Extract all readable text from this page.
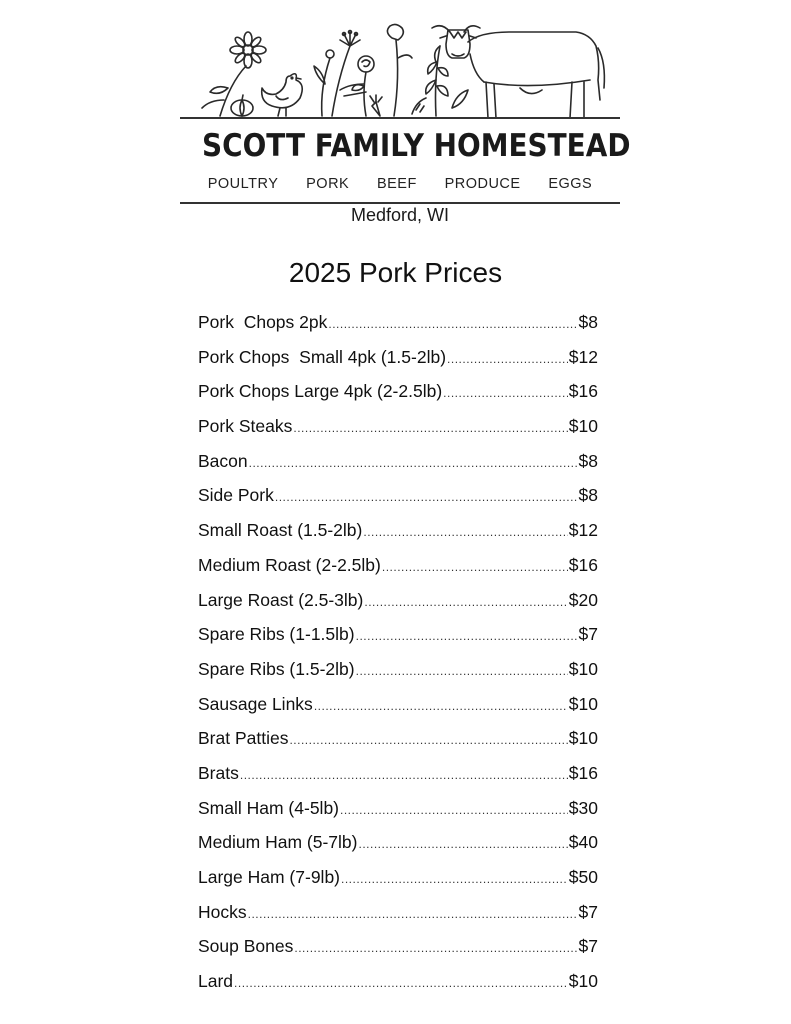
SCOTT FAMILY HOMESTEAD
POULTRY PORK BEEF PRODUCE EGGS
Medford, WI
2025 Pork Prices
Pork  Chops 2pk .....	$8
Pork Chops  Small 4pk (1.5-2lb) .....	$12
Pork Chops Large 4pk (2-2.5lb) .....	$16
Pork Steaks .....	$10
Bacon .....	$8
Side Pork .....	$8
Small Roast (1.5-2lb) .....	$12
Medium Roast (2-2.5lb) .....	$16
Large Roast (2.5-3lb) .....	$20
Spare Ribs (1-1.5lb) .....	$7
Spare Ribs (1.5-2lb) .....	$10
Sausage Links .....	$10
Brat Patties .....	$10
Brats .....	$16
Small Ham (4-5lb) .....	$30
Medium Ham (5-7lb) .....	$40
Large Ham (7-9lb) .....	$50
Hocks .....	$7
Soup Bones .....	$7
Lard .....	$10
